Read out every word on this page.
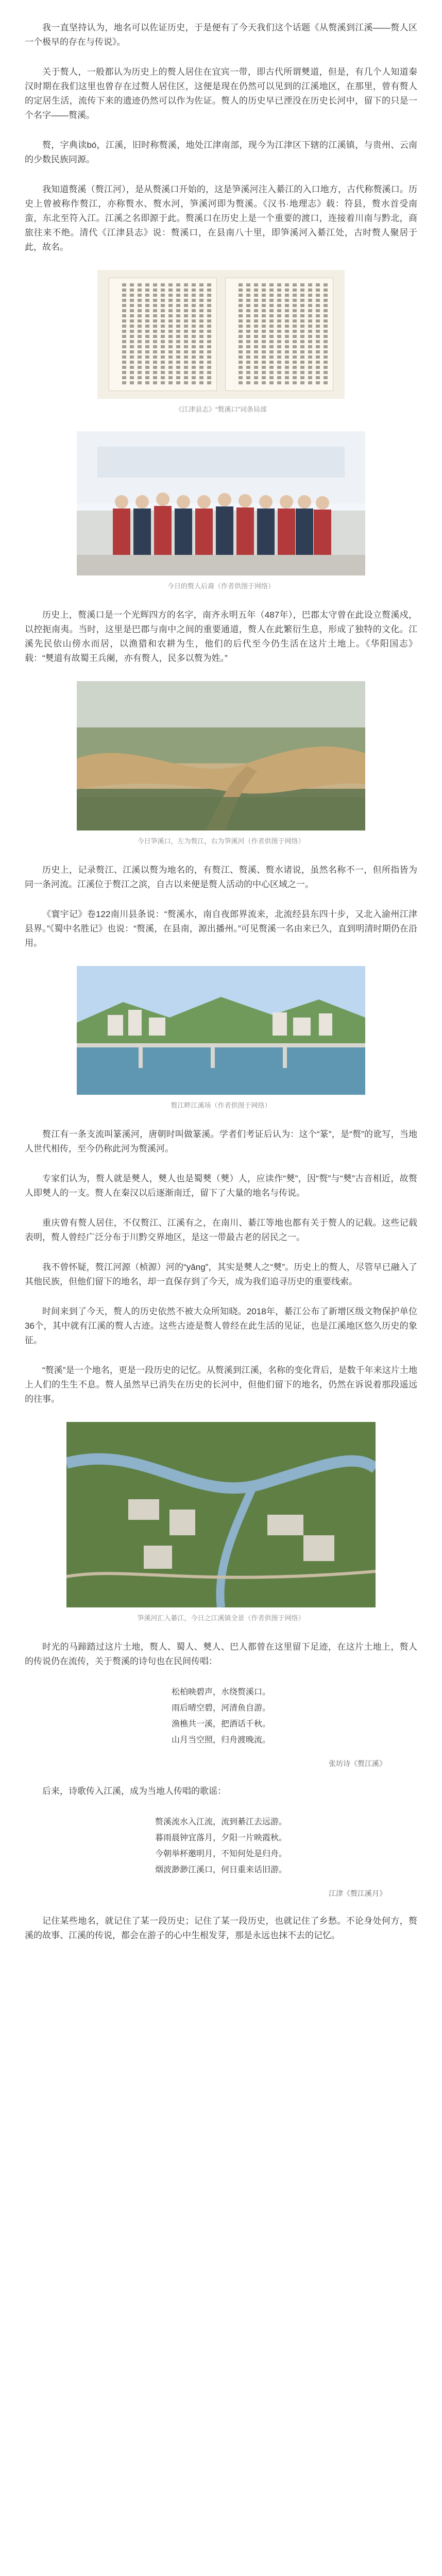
我一直坚持认为，地名可以佐证历史，于是便有了今天我们这个话题《从赘溪到江溪——赘人区一个极早的存在与传说》。

关于赘人，一般都认为历史上的赘人居住在宜宾一带，即古代所谓僰道，但是，有几个人知道秦汉时期在我们这里也曾存在过赘人居住区，这便是现在仍然可以见到的江溪地区，在那里，曾有赘人的定居生活，流传下来的遗迹仍然可以作为佐证。赘人的历史早已湮没在历史长河中，留下的只是一个名字——赘溪。

赘，字典读bó，江溪，旧时称赘溪，地处江津南部，现今为江津区下辖的江溪镇，与贵州、云南的少数民族同源。

我知道赘溪（赘江河），是从赘溪口开始的，这是笋溪河注入綦江的入口地方，古代称赘溪口。历史上曾被称作赘江，亦称赘水、赘水河，笋溪河即为赘溪。《汉书·地理志》载：符县，赘水首受南蛮，东北至符入江。江溪之名即源于此。赘溪口在历史上是一个重要的渡口，连接着川南与黔北，商旅往来不绝。清代《江津县志》说：赘溪口，在县南八十里，即笋溪河入綦江处，古时赘人聚居于此，故名。

《江津县志》“赘溪口”词条局部
今日的赘人后裔（作者供图于网络）

历史上，赘溪口是一个光辉四方的名字，南齐永明五年（487年），巴郡太守曾在此设立赘溪戍，以控扼南夷。当时，这里是巴郡与南中之间的重要通道，赘人在此繁衍生息，形成了独特的文化。江溪先民依山傍水而居，以渔猎和农耕为生，他们的后代至今仍生活在这片土地上。《华阳国志》载：“僰道有故蜀王兵阑，亦有赘人，民多以赘为姓。”

今日笋溪口，左为赘江，右为笋溪河（作者供图于网络）

历史上，记录赘江、江溪以赘为地名的，有赘江、赘溪、赘水诸说，虽然名称不一，但所指皆为同一条河流。江溪位于赘江之滨，自古以来便是赘人活动的中心区域之一。

《寰宇记》卷122南川县条说：“赘溪水，南自夜郎界流来，北流经县东四十步，又北入渝州江津县界。”《蜀中名胜记》也说：“赘溪，在县南，源出播州。”可见赘溪一名由来已久，直到明清时期仍在沿用。

赘江畔江溪场（作者供图于网络）

赘江有一条支流叫篆溪河，唐朝时叫做篆溪。学者们考证后认为：这个“篆”，是“赘”的讹写，当地人世代相传，至今仍称此河为赘溪河。

专家们认为，赘人就是僰人，僰人也是蜀僰（僰）人，应读作“僰”，因“赘”与“僰”古音相近，故赘人即僰人的一支。赘人在秦汉以后逐渐南迁，留下了大量的地名与传说。

重庆曾有赘人居住，不仅赘江、江溪有之，在南川、綦江等地也都有关于赘人的记载。这些记载表明，赘人曾经广泛分布于川黔交界地区，是这一带最古老的居民之一。

我不曾怀疑，赘江河源（桢源）河的“yǎng”，其实是僰人之“僰”。历史上的赘人，尽管早已融入了其他民族，但他们留下的地名，却一直保存到了今天，成为我们追寻历史的重要线索。

时间来到了今天，赘人的历史依然不被大众所知晓。2018年，綦江公布了新增区级文物保护单位36个，其中就有江溪的赘人古迹。这些古迹是赘人曾经在此生活的见证，也是江溪地区悠久历史的象征。

“赘溪”是一个地名，更是一段历史的记忆。从赘溪到江溪，名称的变化背后，是数千年来这片土地上人们的生生不息。赘人虽然早已消失在历史的长河中，但他们留下的地名，仍然在诉说着那段遥远的往事。

笋溪河汇入綦江，今日之江溪镇全景（作者供图于网络）

时光的马蹄踏过这片土地，赘人、蜀人、僰人、巴人都曾在这里留下足迹，在这片土地上，赘人的传说仍在流传，关于赘溪的诗句也在民间传唱：

松柏映碧声，水绕赘溪口。
雨后晴空碧，河清鱼自游。
渔樵共一溪，把酒话千秋。
山月当空照，归舟渡晚流。
张坊诗《赘江溪》

后来，诗歌传入江溪，成为当地人传唱的歌谣：

赘溪流水入江流，流到綦江去远游。
暮雨晨钟宜落月，夕阳一片映霞秋。
今朝举杯邀明月，不知何处是归舟。
烟波渺渺江溪口，何日重来话旧游。
江津《赘江溪月》

记住某些地名，就记住了某一段历史；记住了某一段历史，也就记住了乡愁。不论身处何方，赘溪的故事、江溪的传说，都会在游子的心中生根发芽，那是永远也抹不去的记忆。
